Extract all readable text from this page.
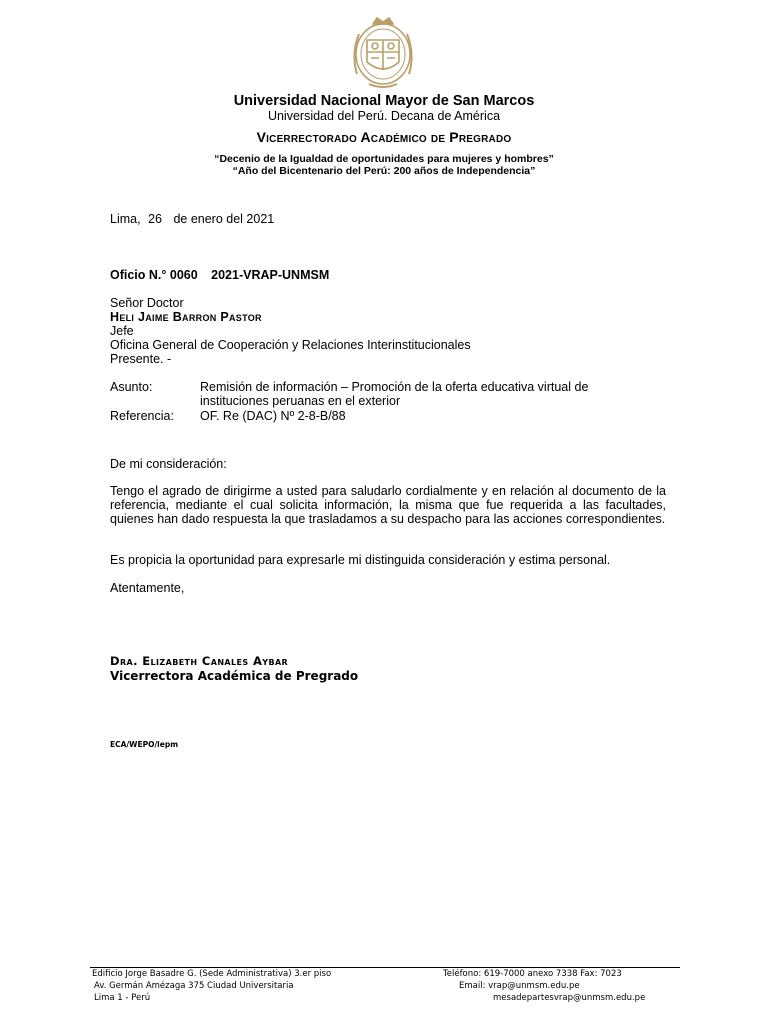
Universidad Nacional Mayor de San Marcos
Universidad del Perú. Decana de América
Vicerrectorado Académico de Pregrado
“Decenio de la Igualdad de oportunidades para mujeres y hombres”
“Año del Bicentenario del Perú: 200 años de Independencia”
Lima, 26 de enero del 2021
Oficio N.° 0060 2021-VRAP-UNMSM
Señor Doctor
Heli Jaime Barron Pastor
Jefe
Oficina General de Cooperación y Relaciones Interinstitucionales
Presente. -
Asunto:	Remisión de información – Promoción de la oferta educativa virtual de instituciones peruanas en el exterior
Referencia: OF. Re (DAC) Nº 2-8-B/88
De mi consideración:
Tengo el agrado de dirigirme a usted para saludarlo cordialmente y en relación al documento de la referencia, mediante el cual solicita información, la misma que fue requerida a las facultades, quienes han dado respuesta la que trasladamos a su despacho para las acciones correspondientes.
Es propicia la oportunidad para expresarle mi distinguida consideración y estima personal.
Atentamente,
Dra. Elizabeth Canales Aybar
Vicerrectora Académica de Pregrado
ECA/WEPO/lepm
Edificio Jorge Basadre G. (Sede Administrativa) 3.er piso
Av. Germán Amézaga 375 Ciudad Universitaria
Lima 1 - Perú
Teléfono: 619-7000 anexo 7338 Fax: 7023
Email: vrap@unmsm.edu.pe
mesadepartesvrap@unmsm.edu.pe
